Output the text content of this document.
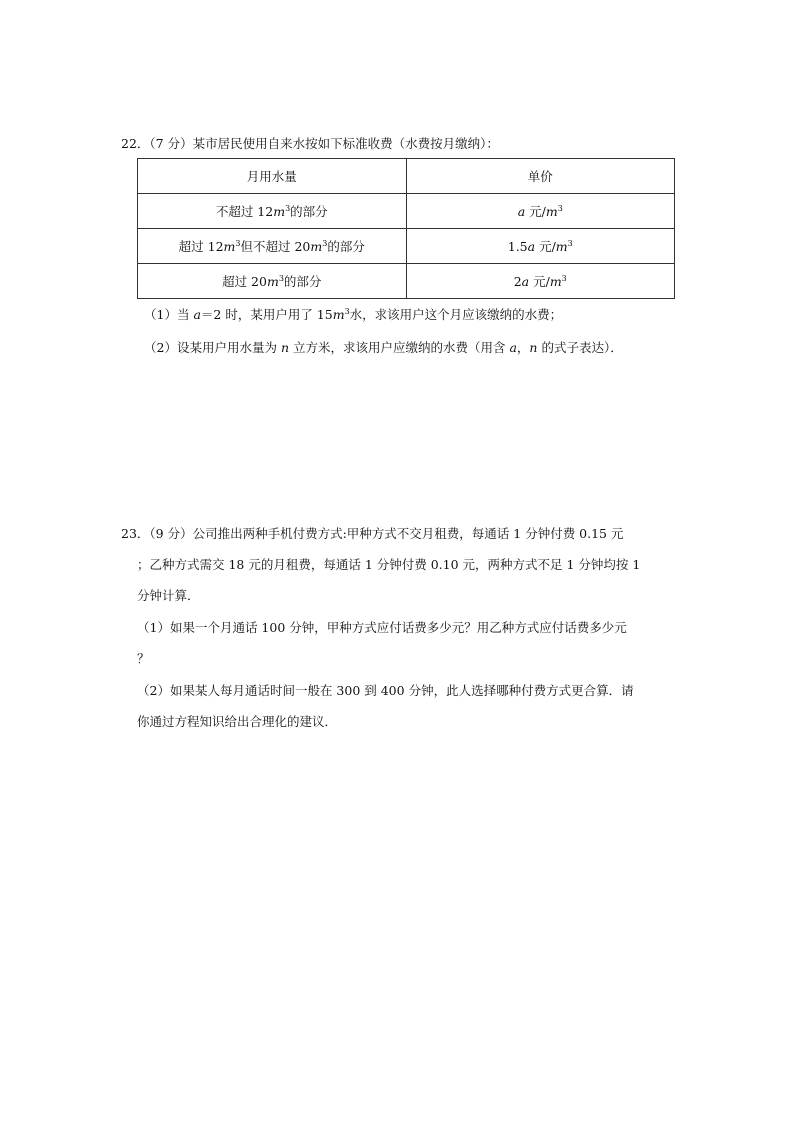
22．（7 分）某市居民使用自来水按如下标准收费（水费按月缴纳）：
月用水量	单价
不超过 $12m^3$的部分	a 元$/m^3$
超过 $12m^3$但不超过 $20m^3$的部分	1.5a 元$/m^3$
超过 $20m^3$的部分	2a 元$/m^3$
（1）当 a＝2 时，某用户用了 $15m^3$水，求该用户这个月应该缴纳的水费；
（2）设某用户用水量为 n 立方米，求该用户应缴纳的水费（用含 a，n 的式子表达）．
23．（9 分）公司推出两种手机付费方式:甲种方式不交月租费，每通话 1 分钟付费 0.15 元
；乙种方式需交 18 元的月租费，每通话 1 分钟付费 0.10 元，两种方式不足 1 分钟均按 1
分钟计算．
（1）如果一个月通话 100 分钟，甲种方式应付话费多少元？用乙种方式应付话费多少元
？
（2）如果某人每月通话时间一般在 300 到 400 分钟，此人选择哪种付费方式更合算．请
你通过方程知识给出合理化的建议．
